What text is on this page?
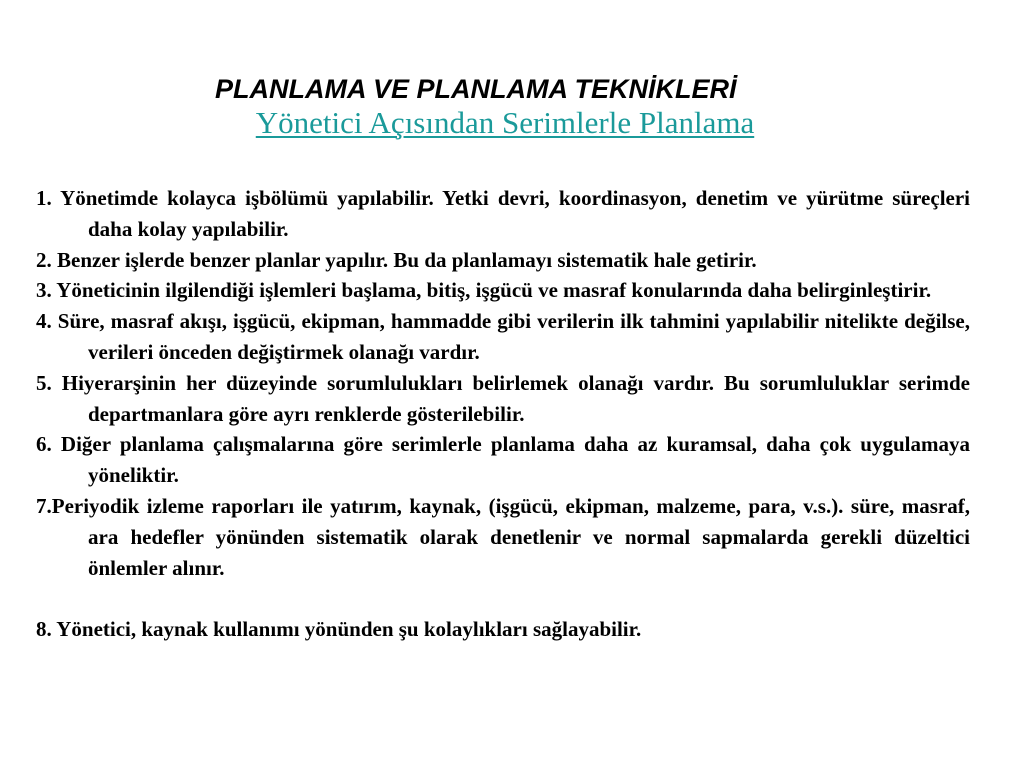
PLANLAMA VE PLANLAMA TEKNİKLERİ
Yönetici Açısından Serimlerle Planlama

1. Yönetimde kolayca işbölümü yapılabilir. Yetki devri, koordinasyon, denetim ve yürütme süreçleri daha kolay yapılabilir.

2. Benzer işlerde benzer planlar yapılır. Bu da planlamayı sistematik hale getirir.

3. Yöneticinin ilgilendiği işlemleri başlama, bitiş, işgücü ve masraf konularında daha belirginleştirir.

4. Süre, masraf akışı, işgücü, ekipman, hammadde gibi verilerin ilk tahmini yapılabilir nitelikte değilse, verileri önceden değiştirmek olanağı vardır.

5. Hiyerarşinin her düzeyinde sorumlulukları belirlemek olanağı vardır. Bu sorumluluklar serimde departmanlara göre ayrı renklerde gösterilebilir.

6. Diğer planlama çalışmalarına göre serimlerle planlama daha az kuramsal, daha çok uygulamaya yöneliktir.

7.Periyodik izleme raporları ile yatırım, kaynak, (işgücü, ekipman, malzeme, para, v.s.). süre, masraf, ara hedefler yönünden sistematik olarak denetlenir ve normal sapmalarda gerekli düzeltici önlemler alınır.

8. Yönetici, kaynak kullanımı yönünden şu kolaylıkları sağlayabilir.
